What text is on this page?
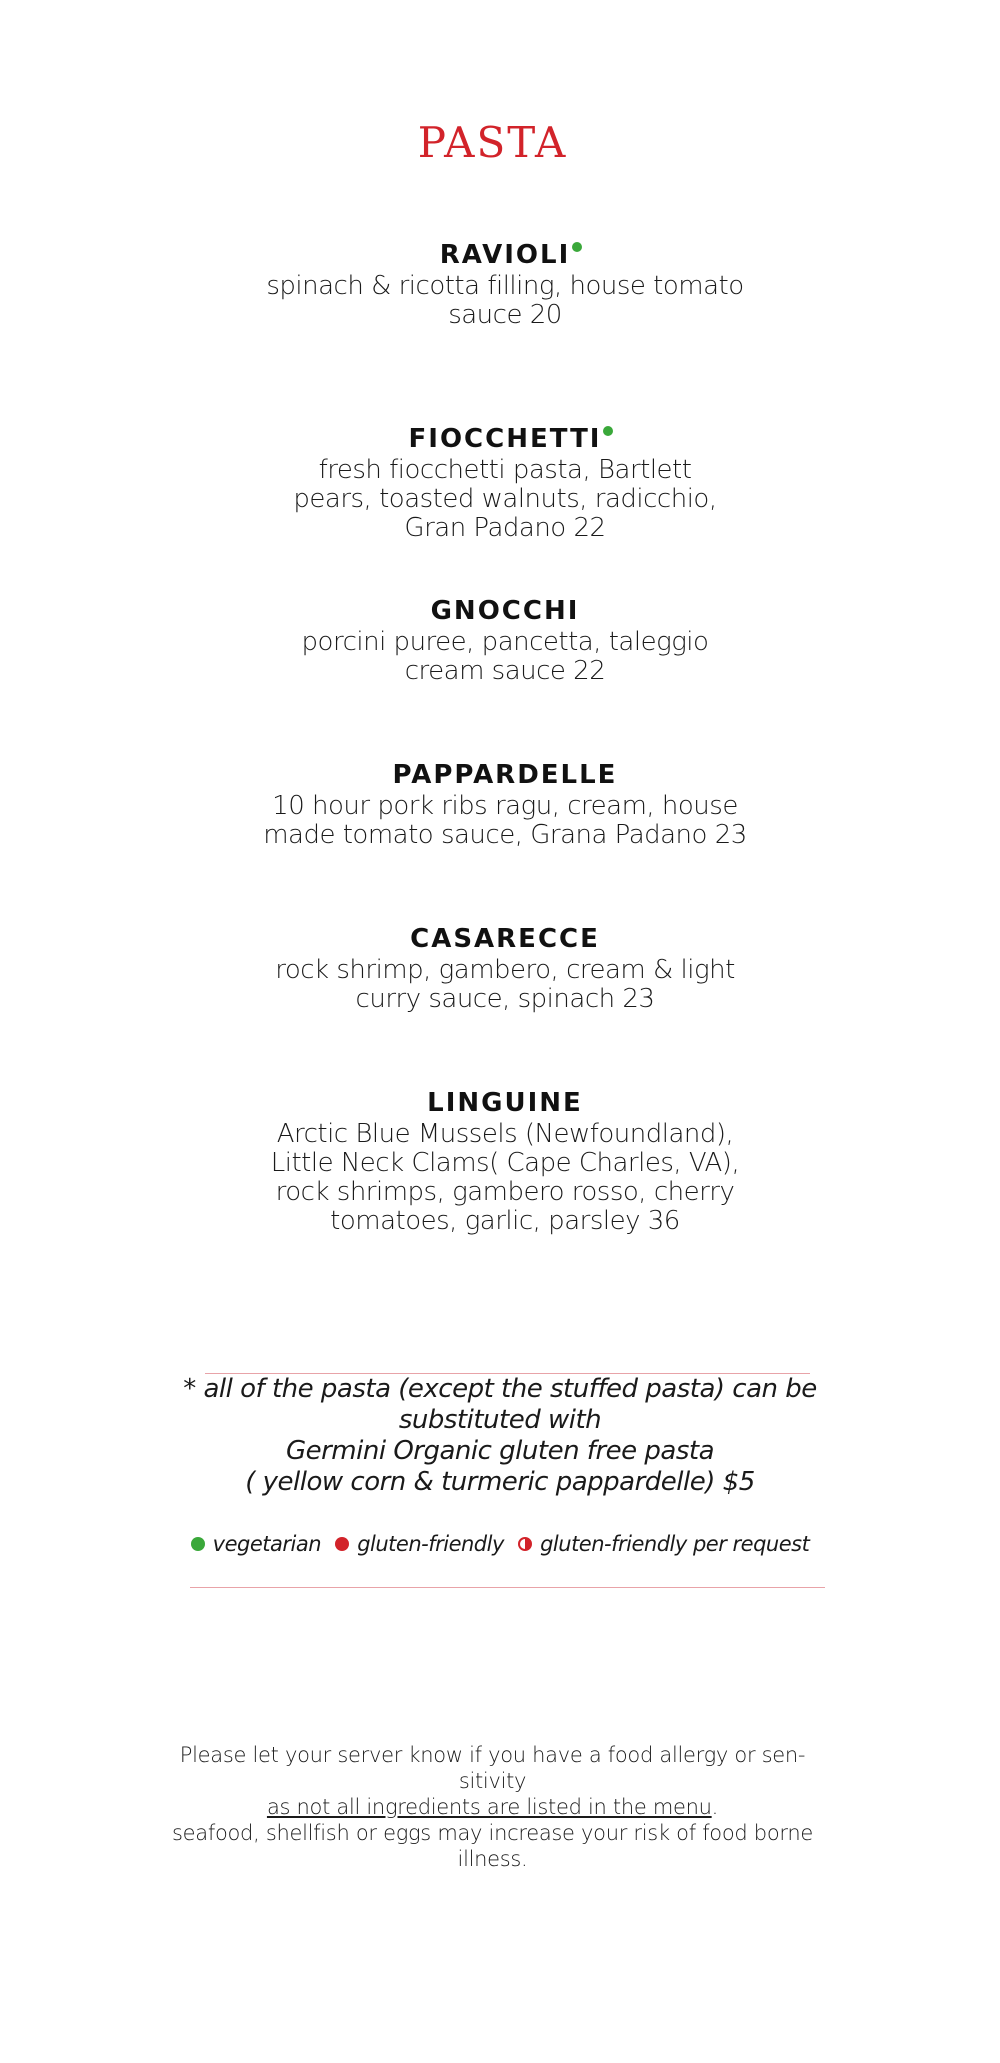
PASTA
RAVIOLI
spinach & ricotta filling, house tomato sauce 20
FIOCCHETTI
fresh fiocchetti pasta, Bartlett pears, toasted walnuts, radicchio, Gran Padano 22
GNOCCHI
porcini puree, pancetta, taleggio cream sauce 22
PAPPARDELLE
10 hour pork ribs ragu, cream, house made tomato sauce, Grana Padano 23
CASARECCE
rock shrimp, gambero, cream & light curry sauce, spinach 23
LINGUINE
Arctic Blue Mussels (Newfoundland), Little Neck Clams( Cape Charles, VA), rock shrimps, gambero rosso, cherry tomatoes, garlic, parsley 36

* all of the pasta (except the stuffed pasta) can be substituted with

Germini Organic gluten free pasta

( yellow corn & turmeric pappardelle) $5

vegetarian
gluten-friendly
gluten-friendly per request

Please let your server know if you have a food allergy or sen- sitivity

as not all ingredients are listed in the menu.

seafood, shellfish or eggs may increase your risk of food borne illness.
